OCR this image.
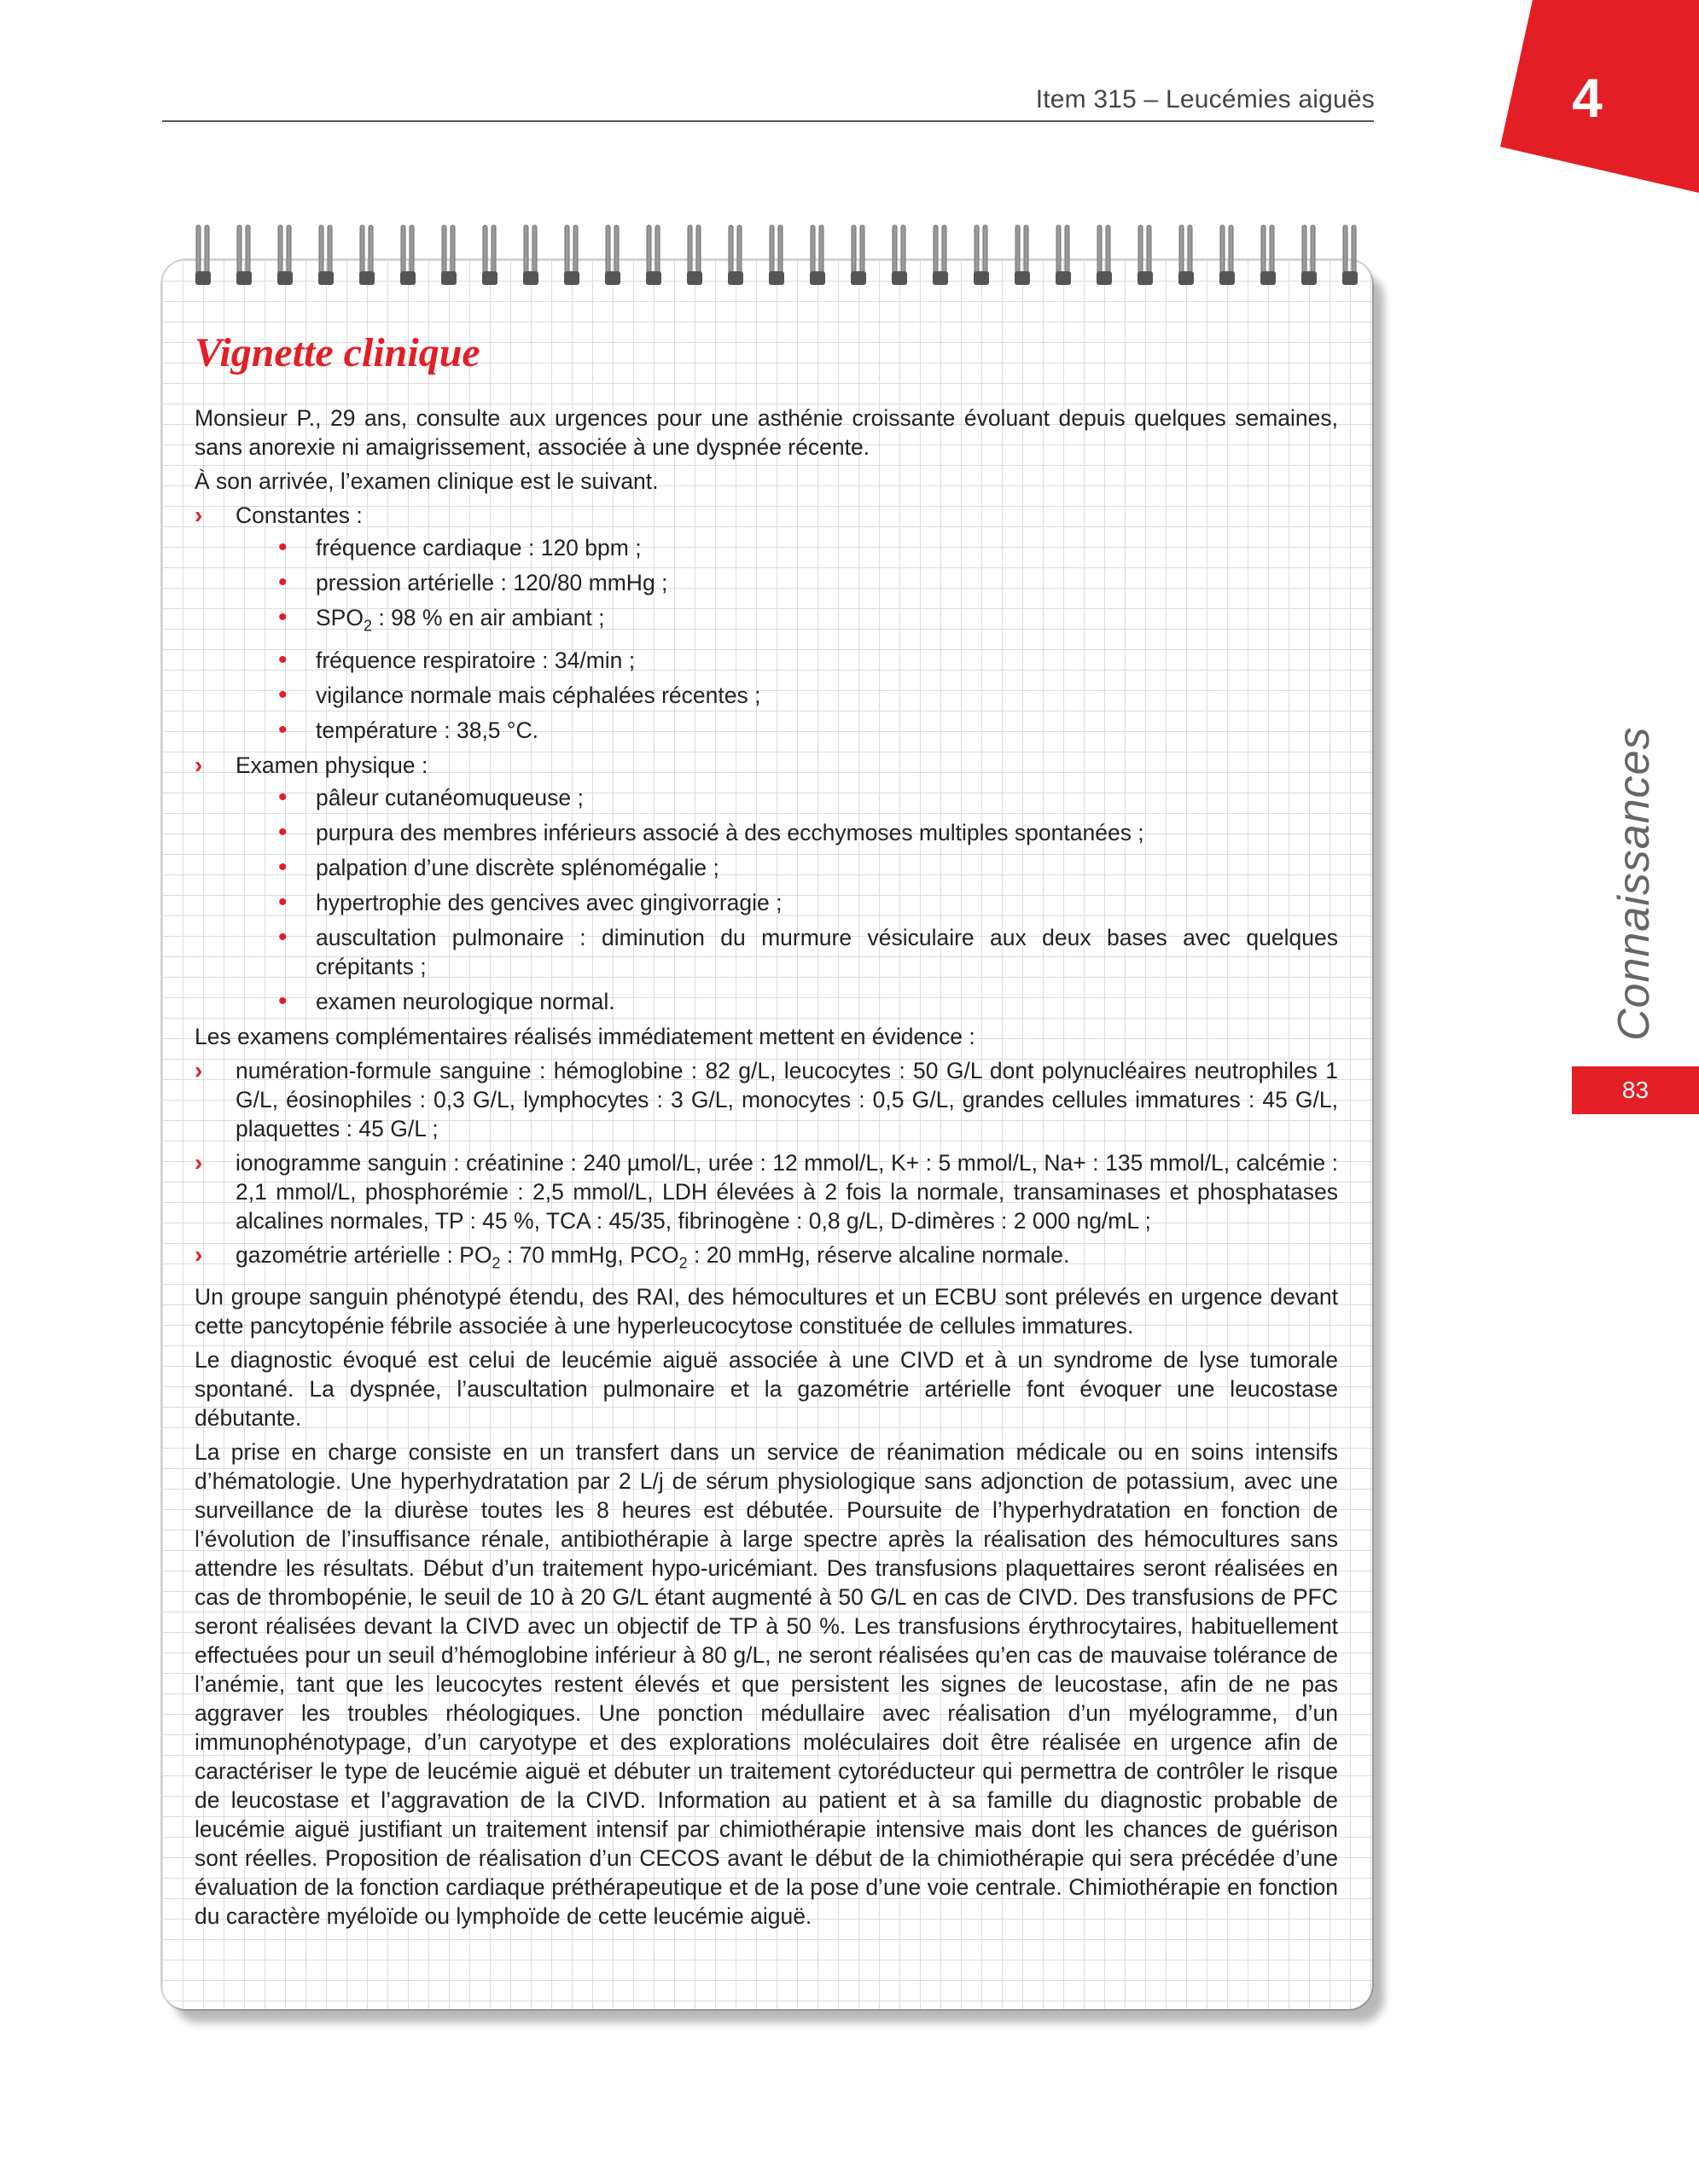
Item 315 – Leucémies aiguës	4
Connaissances
83
Vignette clinique

Monsieur P., 29 ans, consulte aux urgences pour une asthénie croissante évoluant depuis quelques semaines, sans anorexie ni amaigrissement, associée à une dyspnée récente.

À son arrivée, l’examen clinique est le suivant.

› Constantes :
• fréquence cardiaque : 120 bpm ;
• pression artérielle : 120/80 mmHg ;
• $SPO_2$ : 98 % en air ambiant ;
• fréquence respiratoire : 34/min ;
• vigilance normale mais céphalées récentes ;
• température : 38,5 °C.
› Examen physique :
• pâleur cutanéomuqueuse ;
• purpura des membres inférieurs associé à des ecchymoses multiples spontanées ;
• palpation d’une discrète splénomégalie ;
• hypertrophie des gencives avec gingivorragie ;
• auscultation pulmonaire : diminution du murmure vésiculaire aux deux bases avec quelques crépitants ;
• examen neurologique normal.

Les examens complémentaires réalisés immédiatement mettent en évidence :

› numération-formule sanguine : hémoglobine : 82 g/L, leucocytes : 50 G/L dont polynucléaires neutrophiles 1 G/L, éosinophiles : 0,3 G/L, lymphocytes : 3 G/L, monocytes : 0,5 G/L, grandes cellules immatures : 45 G/L, plaquettes : 45 G/L ;
› ionogramme sanguin : créatinine : 240 µmol/L, urée : 12 mmol/L, K+ : 5 mmol/L, Na+ : 135 mmol/L, calcémie : 2,1 mmol/L, phosphorémie : 2,5 mmol/L, LDH élevées à 2 fois la normale, transaminases et phosphatases alcalines normales, TP : 45 %, TCA : 45/35, fibrinogène : 0,8 g/L, D-dimères : 2 000 ng/mL ;
› gazométrie artérielle : $PO_2$ : 70 mmHg, $PCO_2$ : 20 mmHg, réserve alcaline normale.

Un groupe sanguin phénotypé étendu, des RAI, des hémocultures et un ECBU sont prélevés en urgence devant cette pancytopénie fébrile associée à une hyperleucocytose constituée de cellules immatures.

Le diagnostic évoqué est celui de leucémie aiguë associée à une CIVD et à un syndrome de lyse tumorale spontané. La dyspnée, l’auscultation pulmonaire et la gazométrie artérielle font évoquer une leucostase débutante.

La prise en charge consiste en un transfert dans un service de réanimation médicale ou en soins intensifs d’hématologie. Une hyperhydratation par 2 L/j de sérum physiologique sans adjonction de potassium, avec une surveillance de la diurèse toutes les 8 heures est débutée. Poursuite de l’hyperhydratation en fonction de l’évolution de l’insuffisance rénale, antibiothérapie à large spectre après la réalisation des hémocultures sans attendre les résultats. Début d’un traitement hypo-uricémiant. Des transfusions plaquettaires seront réalisées en cas de thrombopénie, le seuil de 10 à 20 G/L étant augmenté à 50 G/L en cas de CIVD. Des transfusions de PFC seront réalisées devant la CIVD avec un objectif de TP à 50 %. Les transfusions érythrocytaires, habituellement effectuées pour un seuil d’hémoglobine inférieur à 80 g/L, ne seront réalisées qu’en cas de mauvaise tolérance de l’anémie, tant que les leucocytes restent élevés et que persistent les signes de leucostase, afin de ne pas aggraver les troubles rhéologiques. Une ponction médullaire avec réalisation d’un myélogramme, d’un immunophénotypage, d’un caryotype et des explorations moléculaires doit être réalisée en urgence afin de caractériser le type de leucémie aiguë et débuter un traitement cytoréducteur qui permettra de contrôler le risque de leucostase et l’aggravation de la CIVD. Information au patient et à sa famille du diagnostic probable de leucémie aiguë justifiant un traitement intensif par chimiothérapie intensive mais dont les chances de guérison sont réelles. Proposition de réalisation d’un CECOS avant le début de la chimiothérapie qui sera précédée d’une évaluation de la fonction cardiaque préthérapeutique et de la pose d’une voie centrale. Chimiothérapie en fonction du caractère myéloïde ou lymphoïde de cette leucémie aiguë.
